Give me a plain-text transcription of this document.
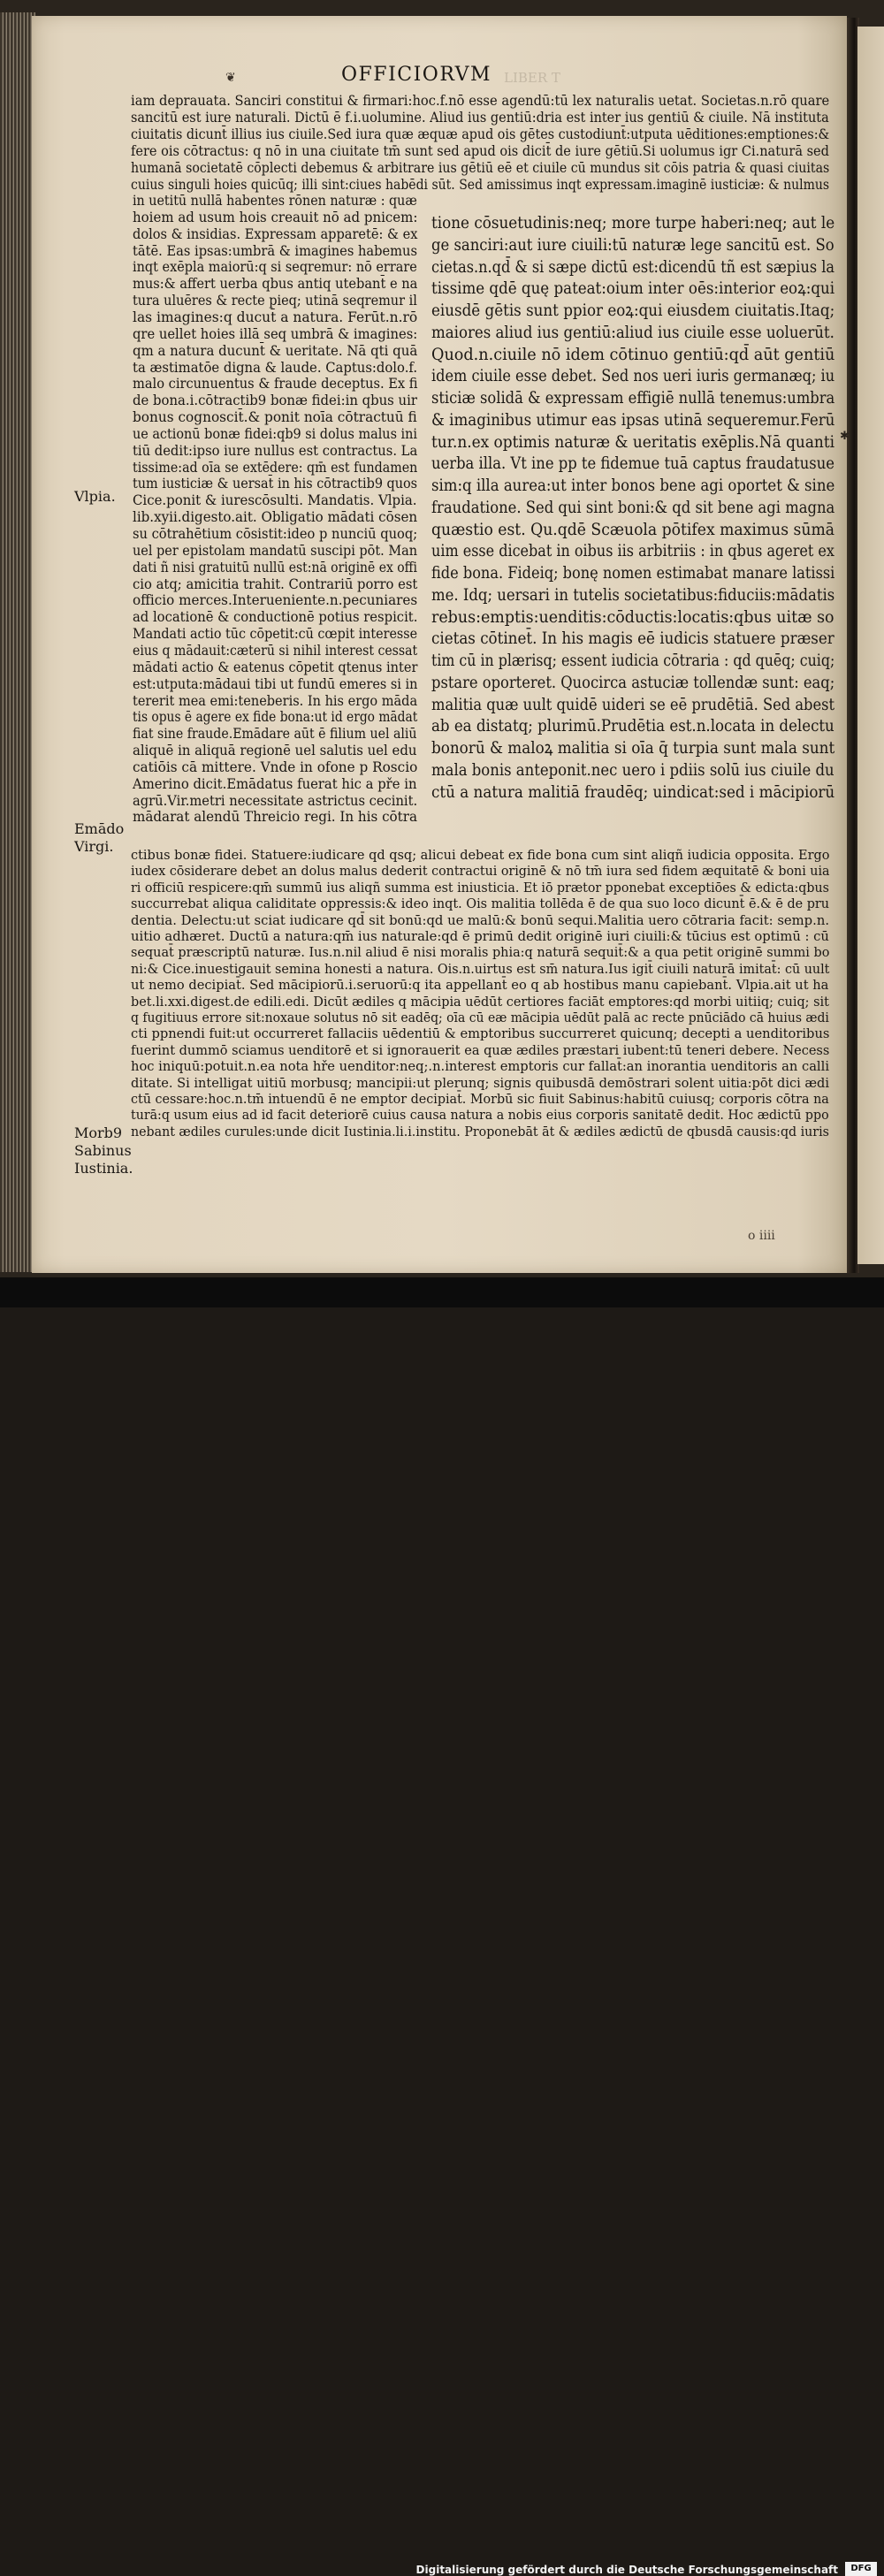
LIBER T
❦	OFFICIORVM
iam deprauata. Sanciri constitui & firmari:hoc.f.nō esse agendū:tū lex naturalis uetat. Societas.n.rō quare
sancitū est iure naturali. Dictū ē f.i.uolumine. Aliud ius gentiū:dria est inter ius gentiū & ciuile. Nā instituta
ciuitatis dicunt̄ illius ius ciuile.Sed iura quæ æquæ apud ois gētes custodiunt̄:utputa uēditiones:emptiones:&
fere ois cōtractus: q nō in una ciuitate tm̄ sunt sed apud ois dicit̄ de iure gētiū.Si uolumus igr Ci.naturā sed
humanā societatē cōplecti debemus & arbitrare ius gētiū eē et ciuile cū mundus sit cōis patria & quasi ciuitas
cuius singuli hoies quicūq; illi sint:ciues habēdi sūt. Sed amissimus inqt expressam.imaginē iusticiæ: & nulmus
in uetitū nullā habentes rōnen naturæ : quæ
hoiem ad usum hois creauit nō ad pnicem:
dolos & insidias. Expressam apparetē: & ex
tātē. Eas ipsas:umbrā & imagines habemus
inqt exēpla maiorū:q si seqremur: nō errare
mus:& affert uerba qbus antiq utebant̄ e na
tura uluēres & recte pieq; utinā seqremur il
las imagines:q ducut̄ a natura. Ferūt.n.rō
qre uellet hoies illā seq umbrā & imagines:
qm a natura ducunt̄ & ueritate. Nā qti quā
ta æstimatōe digna & laude. Captus:dolo.f.
malo circunuentus & fraude deceptus. Ex fi
de bona.i.cōtractib9 bonæ fidei:in qbus uir
bonus cognoscit̄.& ponit noīa cōtractuū fi
ue actionū bonæ fidei:qb9 si dolus malus ini
tiū dedit:ipso iure nullus est contractus. La
tissime:ad oīa se extēdere: qm̄ est fundamen
tum iusticiæ & uersat̄ in his cōtractib9 quos
Cice.ponit & iurescōsulti. Mandatis. Vlpia.
lib.xyii.digesto.ait. Obligatio mādati cōsen
su cōtrahētium cōsistit:ideo p nunciū quoq;
uel per epistolam mandatū suscipi pōt. Man
dati ñ nisi gratuitū nullū est:nā originē ex offi
cio atq; amicitia trahit. Contrariū porro est
officio merces.Interueniente.n.pecuniares
ad locationē & conductionē potius respicit.
Mandati actio tūc cōpetit:cū cœpit interesse
eius q mādauit:cæterū si nihil interest cessat
mādati actio & eatenus cōpetit qtenus inter
est:utputa:mādaui tibi ut fundū emeres si in
tererit mea emi:teneberis. In his ergo māda
tis opus ē agere ex fide bona:ut id ergo mādat
fiat sine fraude.Emādare aūt ē filium uel aliū
aliquē in aliquā regionē uel salutis uel edu
catiōis cā mittere. Vnde in ofone p Roscio
Amerino dicit.Emādatus fuerat hic a pře in
agrū.Vir.metri necessitate astrictus cecinit.
mādarat alendū Threicio regi. In his cōtra
tione cōsuetudinis:neq; more turpe haberi:neq; aut le
ge sanciri:aut iure ciuili:tū naturæ lege sancitū est. So
cietas.n.qd̄ & si sæpe dictū est:dicendū tñ est sæpius la
tissime qdē quę pateat:oium inter oēs:interior eoꝝ:qui
eiusdē gētis sunt ppior eoꝝ:qui eiusdem ciuitatis.Itaq;
maiores aliud ius gentiū:aliud ius ciuile esse uoluerūt.
Quod.n.ciuile nō idem cōtinuo gentiū:qd̄ aūt gentiū
idem ciuile esse debet. Sed nos ueri iuris germanæq; iu
sticiæ solidā & expressam effigiē nullā tenemus:umbra
& imaginibus utimur eas ipsas utinā sequeremur.Ferū
tur.n.ex optimis naturæ & ueritatis exēplis.Nā quanti
uerba illa. Vt ine pp te fidemue tuā captus fraudatusue
sim:q illa aurea:ut inter bonos bene agi oportet & sine
fraudatione. Sed qui sint boni:& qd sit bene agi magna
quæstio est. Qu.qdē Scæuola pōtifex maximus sūmā
uim esse dicebat in oibus iis arbitriis : in qbus ageret ex
fide bona. Fideiq; bonę nomen estimabat manare latissi
me. Idq; uersari in tutelis societatibus:fiduciis:mādatis
rebus:emptis:uenditis:cōductis:locatis:qbus uitæ so
cietas cōtinet̄. In his magis eē iudicis statuere præser
tim cū in plærisq; essent iudicia cōtraria : qd quēq; cuiq;
pstare oporteret. Quocirca astuciæ tollendæ sunt: eaq;
malitia quæ uult quidē uideri se eē prudētiā. Sed abest
ab ea distatq; plurimū.Prudētia est.n.locata in delectu
bonorū & maloꝝ malitia si oīa q̄ turpia sunt mala sunt
mala bonis anteponit.nec uero i pdiis solū ius ciuile du
ctū a natura malitiā fraudēq; uindicat:sed i mācipiorū
ctibus bonæ fidei. Statuere:iudicare qd qsq; alicui debeat ex fide bona cum sint aliqñ iudicia opposita. Ergo
iudex cōsiderare debet an dolus malus dederit contractui originē & nō tm̄ iura sed fidem æquitatē & boni uia
ri officiū respicere:qm̄ summū ius aliqñ summa est iniusticia. Et iō prætor pponebat exceptiōes & edicta:qbus
succurrebat aliqua caliditate oppressis:& ideo inqt. Ois malitia tollēda ē de qua suo loco dicunt̄ ē.& ē de pru
dentia. Delectu:ut sciat iudicare qd̄ sit bonū:qd ue malū:& bonū sequi.Malitia uero cōtraria facit: semp.n.
uitio adhæret. Ductū a natura:qm̄ ius naturale:qd ē primū dedit originē iuri ciuili:& tūcius est optimū : cū
sequat̄ præscriptū naturæ. Ius.n.nil aliud ē nisi moralis phia:q naturā sequit̄:& a qua petit originē summi bo
ni:& Cice.inuestigauit semina honesti a natura. Ois.n.uirtus est sm̄ natura.Ius igit̄ ciuili naturā imitat̄: cū uult
ut nemo decipiat̄. Sed mācipiorū.i.seruorū:q ita appellant̄ eo q ab hostibus manu capiebant̄. Vlpia.ait ut ha
bet.li.xxi.digest.de edili.edi. Dicūt ædiles q mācipia uēdūt certiores faciāt emptores:qd morbi uitiiq; cuiq; sit
q fugitiuus errore sit:noxaue solutus nō sit eadēq; oīa cū eæ mācipia uēdūt palā ac recte pnūciādo cā huius ædi
cti ppnendi fuit:ut occurreret fallaciis uēdentiū & emptoribus succurreret quicunq; decepti a uenditoribus
fuerint dummō sciamus uenditorē et si ignorauerit ea quæ ædiles præstari iubent:tū teneri debere. Necess
hoc iniquū:potuit.n.ea nota hře uenditor:neq;.n.interest emptoris cur fallat̄:an inorantia uenditoris an calli
ditate. Si intelligat uitiū morbusq; mancipii:ut plerunq; signis quibusdā demōstrari solent uitia:pōt dici ædi
ctū cessare:hoc.n.tm̄ intuendū ē ne emptor decipiat̄. Morbū sic fiuit Sabinus:habitū cuiusq; corporis cōtra na
turā:q usum eius ad id facit deteriorē cuius causa natura a nobis eius corporis sanitatē dedit. Hoc ædictū ppo
nebant ædiles curules:unde dicit Iustinia.li.i.institu. Proponebāt āt & ædiles ædictū de qbusdā causis:qd iuris
✱
Vlpia.
Emādo
Virgi.
Morb9
Sabinus
Iustinia.
o iiii
Digitalisierung gefördert durch die Deutsche Forschungsgemeinschaft	DFG
